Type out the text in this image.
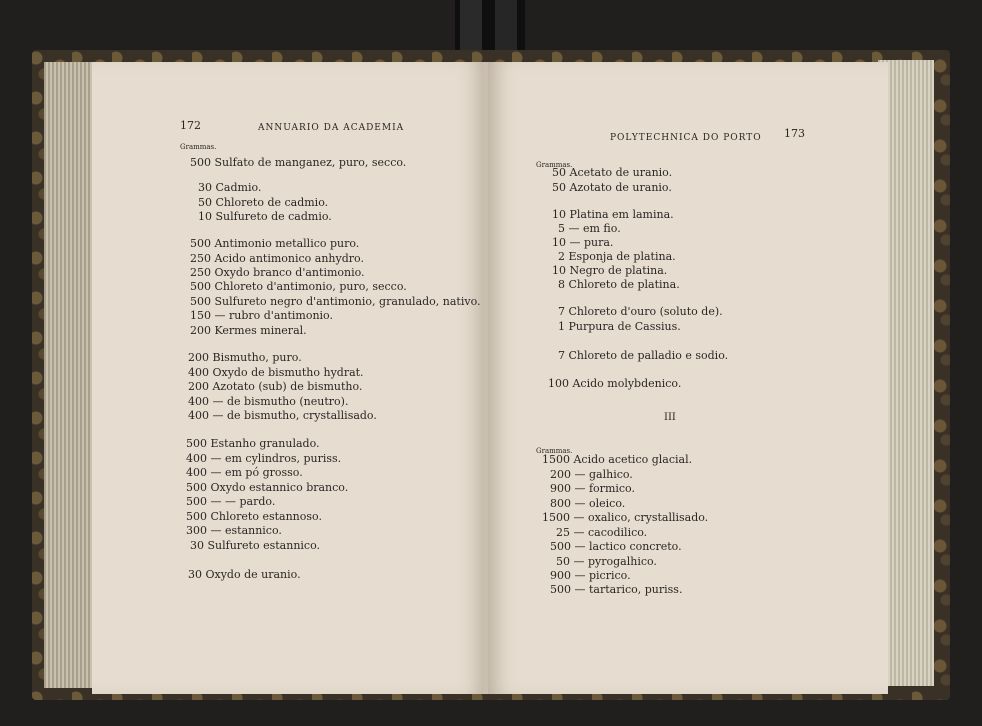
172	ANNUARIO DA ACADEMIA
Grammas.
500 Sulfato de manganez, puro, secco.
30 Cadmio.
50 Chloreto de cadmio.
10 Sulfureto de cadmio.
500 Antimonio metallico puro.
250 Acido antimonico anhydro.
250 Oxydo branco d'antimonio.
500 Chloreto d'antimonio, puro, secco.
500 Sulfureto negro d'antimonio, granulado, nativo.
150 — rubro d'antimonio.
200 Kermes mineral.
200 Bismutho, puro.
400 Oxydo de bismutho hydrat.
200 Azotato (sub) de bismutho.
400 — de bismutho (neutro).
400 — de bismutho, crystallisado.
500 Estanho granulado.
400 — em cylindros, puriss.
400 — em pó grosso.
500 Oxydo estannico branco.
500 — — pardo.
500 Chloreto estannoso.
300 — estannico.
30 Sulfureto estannico.
30 Oxydo de uranio.
POLYTECHNICA DO PORTO 173
Grammas.
50 Acetato de uranio.
50 Azotato de uranio.
10 Platina em lamina.
5 — em fio.
10 — pura.
2 Esponja de platina.
10 Negro de platina.
8 Chloreto de platina.
7 Chloreto d'ouro (soluto de).
1 Purpura de Cassius.
7 Chloreto de palladio e sodio.
100 Acido molybdenico.
III
Grammas.
1500 Acido acetico glacial.
200 — galhico.
900 — formico.
800 — oleico.
1500 — oxalico, crystallisado.
25 — cacodilico.
500 — lactico concreto.
50 — pyrogalhico.
900 — picrico.
500 — tartarico, puriss.
